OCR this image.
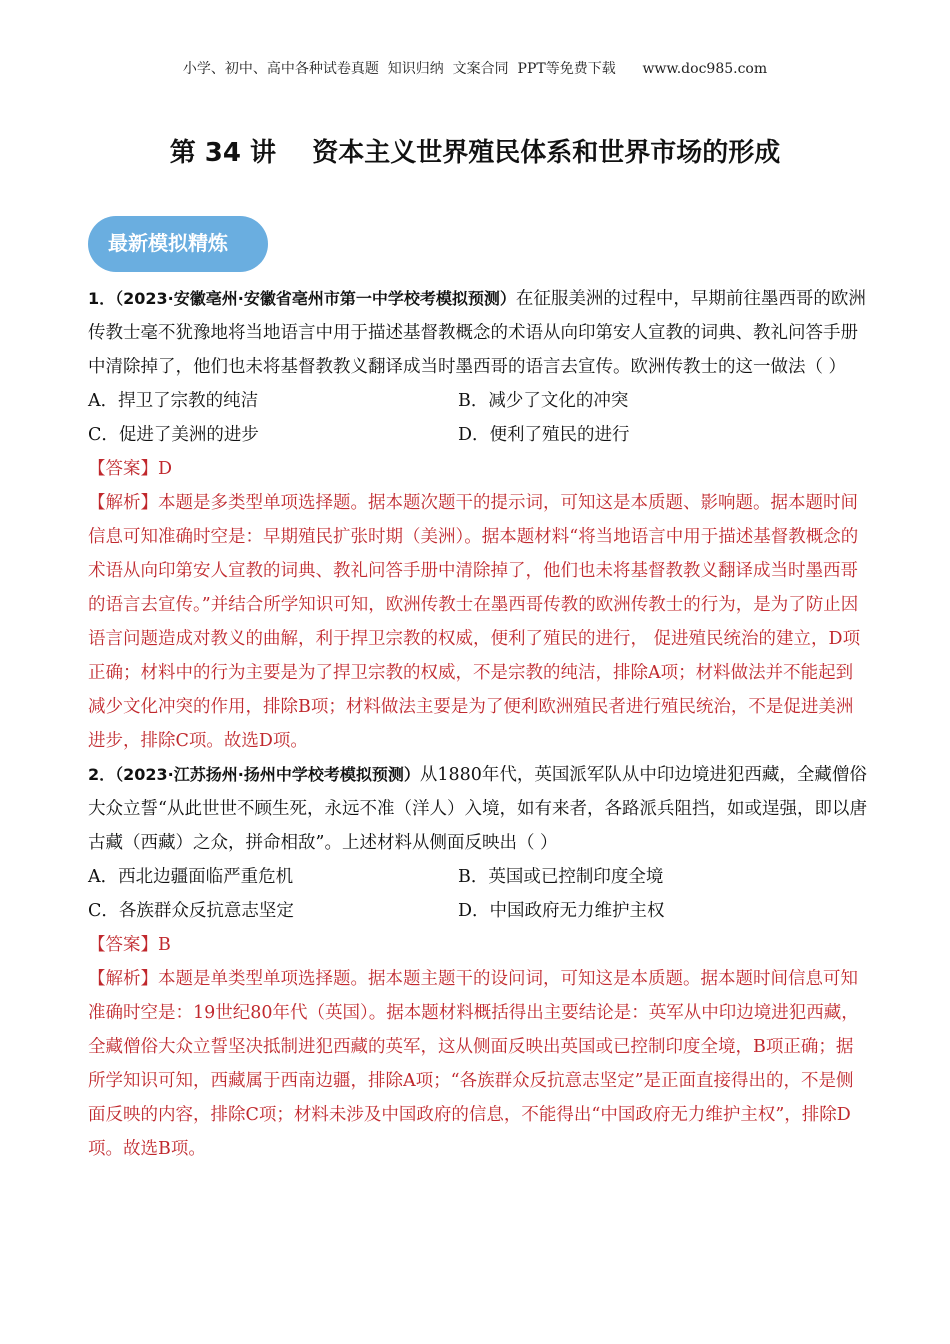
小学、初中、高中各种试卷真题  知识归纳  文案合同  PPT等免费下载      www.doc985.com
第 34 讲    资本主义世界殖民体系和世界市场的形成
最新模拟精炼

1．（2023·安徽亳州·安徽省亳州市第一中学校考模拟预测）在征服美洲的过程中，早期前往墨西哥的欧洲传教士毫不犹豫地将当地语言中用于描述基督教概念的术语从向印第安人宣教的词典、教礼问答手册中清除掉了，他们也未将基督教教义翻译成当时墨西哥的语言去宣传。欧洲传教士的这一做法（ ）

A．捍卫了宗教的纯洁	B．减少了文化的冲突
C．促进了美洲的进步	D．便利了殖民的进行

【答案】D

【解析】本题是多类型单项选择题。据本题次题干的提示词，可知这是本质题、影响题。据本题时间信息可知准确时空是：早期殖民扩张时期（美洲）。据本题材料“将当地语言中用于描述基督教概念的术语从向印第安人宣教的词典、教礼问答手册中清除掉了，他们也未将基督教教义翻译成当时墨西哥的语言去宣传。”并结合所学知识可知，欧洲传教士在墨西哥传教的欧洲传教士的行为，是为了防止因语言问题造成对教义的曲解，利于捍卫宗教的权威，便利了殖民的进行， 促进殖民统治的建立，D项正确；材料中的行为主要是为了捍卫宗教的权威，不是宗教的纯洁，排除A项；材料做法并不能起到减少文化冲突的作用，排除B项；材料做法主要是为了便利欧洲殖民者进行殖民统治，不是促进美洲进步，排除C项。故选D项。

2．（2023·江苏扬州·扬州中学校考模拟预测）从1880年代，英国派军队从中印边境进犯西藏，全藏僧俗大众立誓“从此世世不顾生死，永远不准（洋人）入境，如有来者，各路派兵阻挡，如或逞强，即以唐古藏（西藏）之众，拼命相敌”。上述材料从侧面反映出（ ）

A．西北边疆面临严重危机	B．英国或已控制印度全境
C．各族群众反抗意志坚定	D．中国政府无力维护主权

【答案】B

【解析】本题是单类型单项选择题。据本题主题干的设问词，可知这是本质题。据本题时间信息可知准确时空是：19世纪80年代（英国）。据本题材料概括得出主要结论是：英军从中印边境进犯西藏，全藏僧俗大众立誓坚决抵制进犯西藏的英军，这从侧面反映出英国或已控制印度全境，B项正确；据所学知识可知，西藏属于西南边疆，排除A项；“各族群众反抗意志坚定”是正面直接得出的，不是侧面反映的内容，排除C项；材料未涉及中国政府的信息，不能得出“中国政府无力维护主权”，排除D项。故选B项。
